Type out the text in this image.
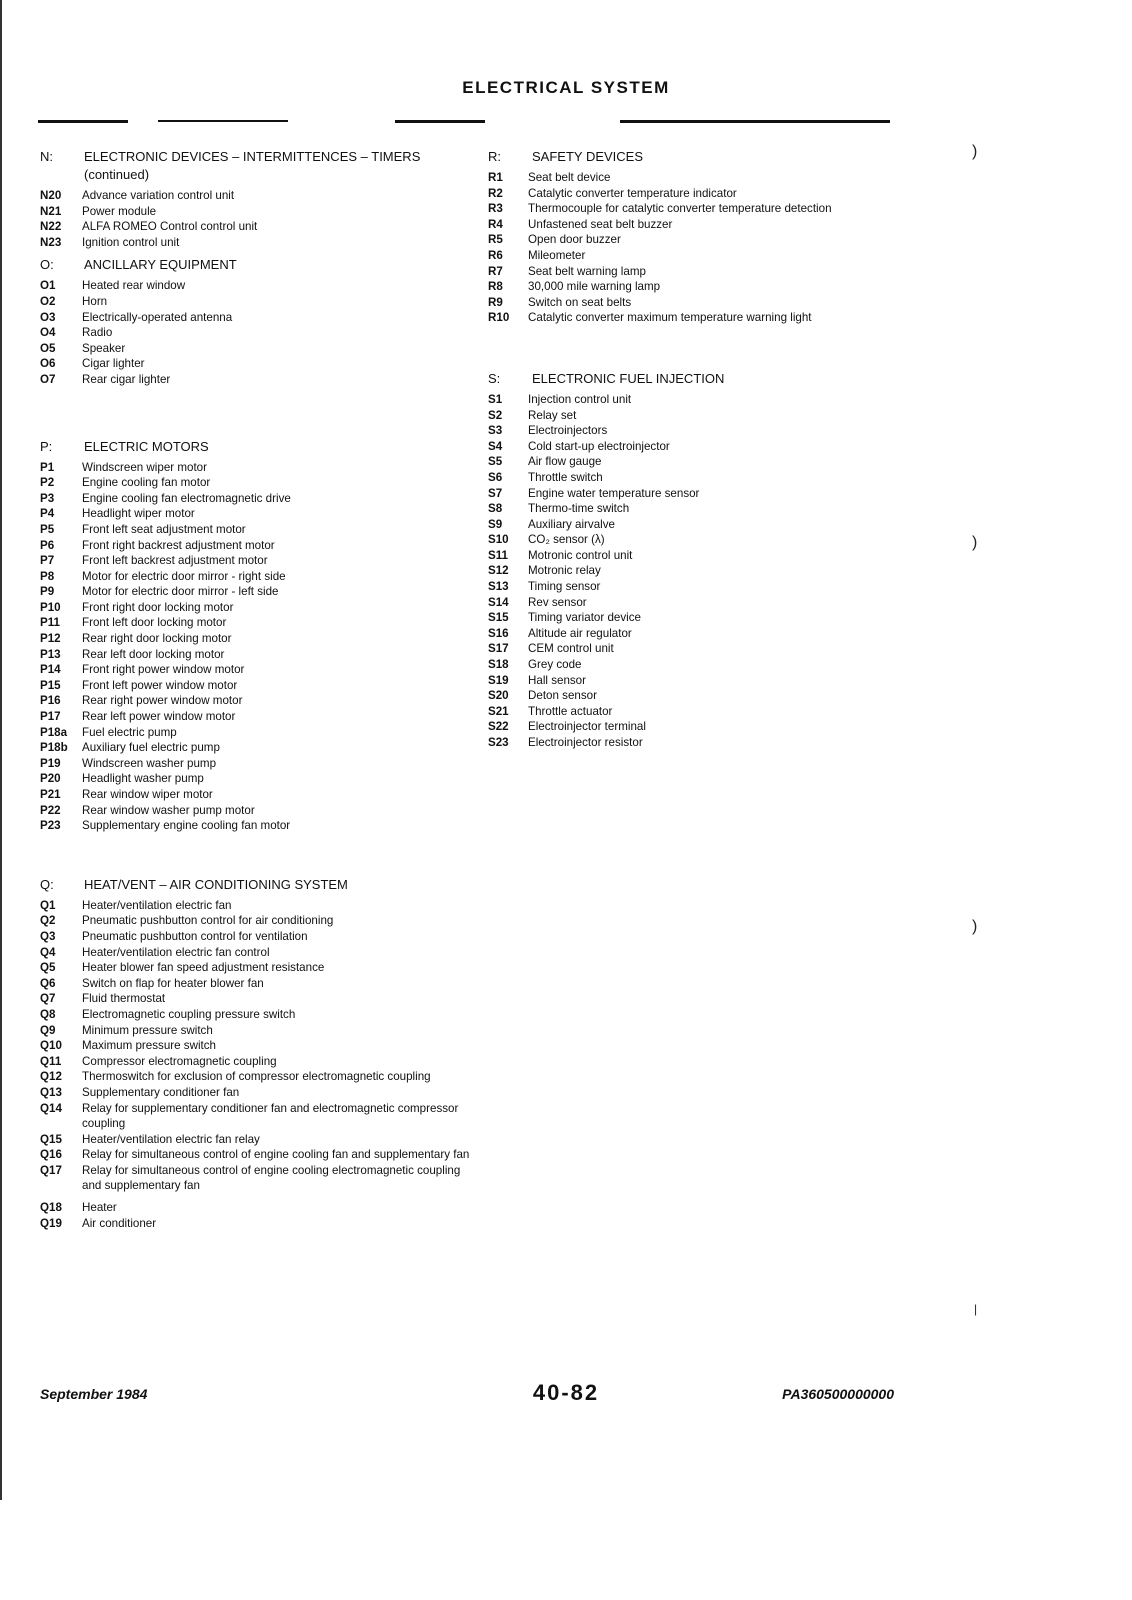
ELECTRICAL SYSTEM
N:	ELECTRONIC DEVICES – INTERMITTENCES – TIMERS (continued)
N20	Advance variation control unit
N21	Power module
N22	ALFA ROMEO Control control unit
N23	Ignition control unit
O:	ANCILLARY EQUIPMENT
O1	Heated rear window
O2	Horn
O3	Electrically-operated antenna
O4	Radio
O5	Speaker
O6	Cigar lighter
O7	Rear cigar lighter
P:	ELECTRIC MOTORS
P1	Windscreen wiper motor
P2	Engine cooling fan motor
P3	Engine cooling fan electromagnetic drive
P4	Headlight wiper motor
P5	Front left seat adjustment motor
P6	Front right backrest adjustment motor
P7	Front left backrest adjustment motor
P8	Motor for electric door mirror - right side
P9	Motor for electric door mirror - left side
P10	Front right door locking motor
P11	Front left door locking motor
P12	Rear right door locking motor
P13	Rear left door locking motor
P14	Front right power window motor
P15	Front left power window motor
P16	Rear right power window motor
P17	Rear left power window motor
P18a	Fuel electric pump
P18b	Auxiliary fuel electric pump
P19	Windscreen washer pump
P20	Headlight washer pump
P21	Rear window wiper motor
P22	Rear window washer pump motor
P23	Supplementary engine cooling fan motor
Q:	HEAT/VENT – AIR CONDITIONING SYSTEM
Q1	Heater/ventilation electric fan
Q2	Pneumatic pushbutton control for air conditioning
Q3	Pneumatic pushbutton control for ventilation
Q4	Heater/ventilation electric fan control
Q5	Heater blower fan speed adjustment resistance
Q6	Switch on flap for heater blower fan
Q7	Fluid thermostat
Q8	Electromagnetic coupling pressure switch
Q9	Minimum pressure switch
Q10	Maximum pressure switch
Q11	Compressor electromagnetic coupling
Q12	Thermoswitch for exclusion of compressor electromagnetic coupling
Q13	Supplementary conditioner fan
Q14	Relay for supplementary conditioner fan and electromagnetic compressor coupling
Q15	Heater/ventilation electric fan relay
Q16	Relay for simultaneous control of engine cooling fan and supplementary fan
Q17	Relay for simultaneous control of engine cooling electromagnetic coupling and supplementary fan
Q18	Heater
Q19	Air conditioner
R:	SAFETY DEVICES
R1	Seat belt device
R2	Catalytic converter temperature indicator
R3	Thermocouple for catalytic converter temperature detection
R4	Unfastened seat belt buzzer
R5	Open door buzzer
R6	Mileometer
R7	Seat belt warning lamp
R8	30,000 mile warning lamp
R9	Switch on seat belts
R10	Catalytic converter maximum temperature warning light
S:	ELECTRONIC FUEL INJECTION
S1	Injection control unit
S2	Relay set
S3	Electroinjectors
S4	Cold start-up electroinjector
S5	Air flow gauge
S6	Throttle switch
S7	Engine water temperature sensor
S8	Thermo-time switch
S9	Auxiliary airvalve
S10	CO₂ sensor (λ)
S11	Motronic control unit
S12	Motronic relay
S13	Timing sensor
S14	Rev sensor
S15	Timing variator device
S16	Altitude air regulator
S17	CEM control unit
S18	Grey code
S19	Hall sensor
S20	Deton sensor
S21	Throttle actuator
S22	Electroinjector terminal
S23	Electroinjector resistor
)
)
)
|
September 1984	40-82	PA360500000000
